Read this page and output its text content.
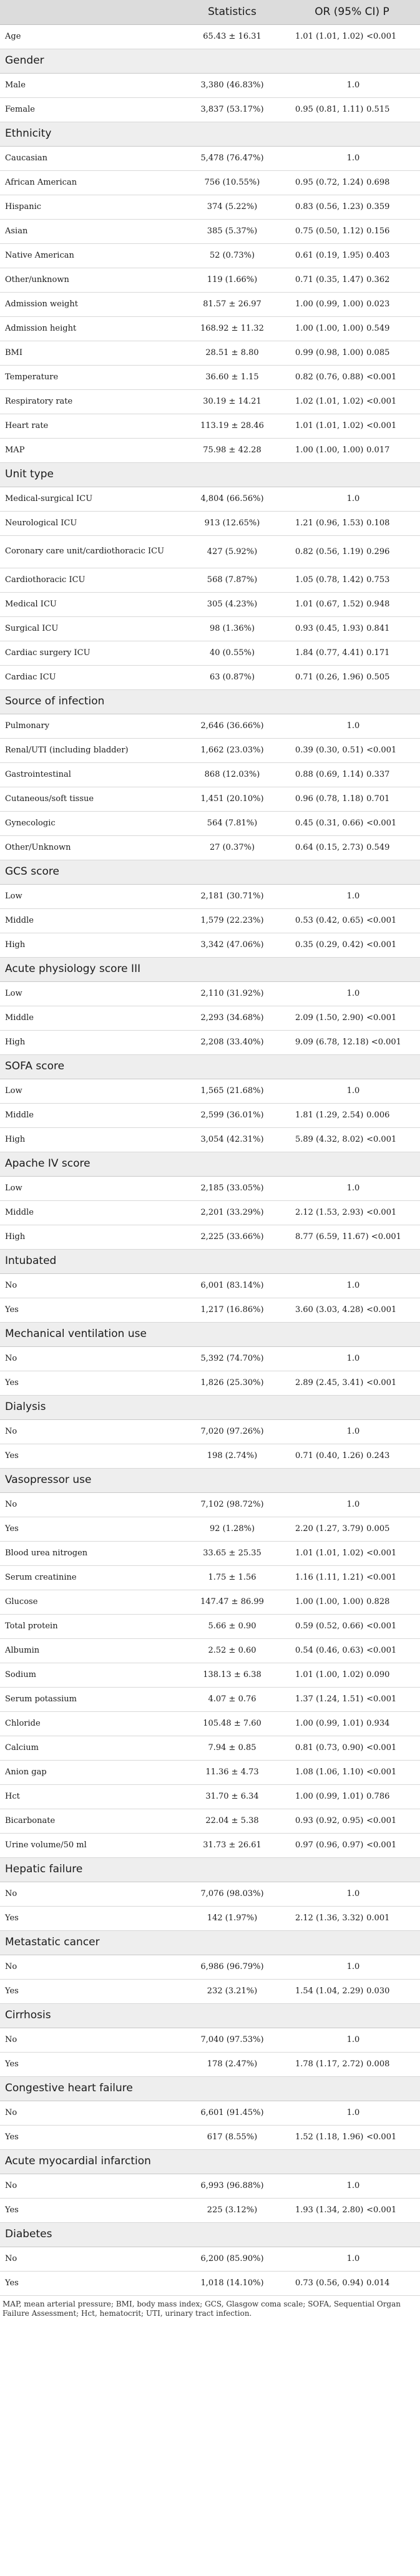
	Statistics	OR (95% CI) P
Age	65.43 ± 16.31	1.01 (1.01, 1.02) <0.001
Gender		
Male	3,380 (46.83%)	1.0
Female	3,837 (53.17%)	0.95 (0.81, 1.11) 0.515
Ethnicity		
Caucasian	5,478 (76.47%)	1.0
African American	756 (10.55%)	0.95 (0.72, 1.24) 0.698
Hispanic	374 (5.22%)	0.83 (0.56, 1.23) 0.359
Asian	385 (5.37%)	0.75 (0.50, 1.12) 0.156
Native American	52 (0.73%)	0.61 (0.19, 1.95) 0.403
Other/unknown	119 (1.66%)	0.71 (0.35, 1.47) 0.362
Admission weight	81.57 ± 26.97	1.00 (0.99, 1.00) 0.023
Admission height	168.92 ± 11.32	1.00 (1.00, 1.00) 0.549
BMI	28.51 ± 8.80	0.99 (0.98, 1.00) 0.085
Temperature	36.60 ± 1.15	0.82 (0.76, 0.88) <0.001
Respiratory rate	30.19 ± 14.21	1.02 (1.01, 1.02) <0.001
Heart rate	113.19 ± 28.46	1.01 (1.01, 1.02) <0.001
MAP	75.98 ± 42.28	1.00 (1.00, 1.00) 0.017
Unit type		
Medical-surgical ICU	4,804 (66.56%)	1.0
Neurological ICU	913 (12.65%)	1.21 (0.96, 1.53) 0.108
Coronary care unit/cardiothoracic ICU	427 (5.92%)	0.82 (0.56, 1.19) 0.296
Cardiothoracic ICU	568 (7.87%)	1.05 (0.78, 1.42) 0.753
Medical ICU	305 (4.23%)	1.01 (0.67, 1.52) 0.948
Surgical ICU	98 (1.36%)	0.93 (0.45, 1.93) 0.841
Cardiac surgery ICU	40 (0.55%)	1.84 (0.77, 4.41) 0.171
Cardiac ICU	63 (0.87%)	0.71 (0.26, 1.96) 0.505
Source of infection		
Pulmonary	2,646 (36.66%)	1.0
Renal/UTI (including bladder)	1,662 (23.03%)	0.39 (0.30, 0.51) <0.001
Gastrointestinal	868 (12.03%)	0.88 (0.69, 1.14) 0.337
Cutaneous/soft tissue	1,451 (20.10%)	0.96 (0.78, 1.18) 0.701
Gynecologic	564 (7.81%)	0.45 (0.31, 0.66) <0.001
Other/Unknown	27 (0.37%)	0.64 (0.15, 2.73) 0.549
GCS score		
Low	2,181 (30.71%)	1.0
Middle	1,579 (22.23%)	0.53 (0.42, 0.65) <0.001
High	3,342 (47.06%)	0.35 (0.29, 0.42) <0.001
Acute physiology score III		
Low	2,110 (31.92%)	1.0
Middle	2,293 (34.68%)	2.09 (1.50, 2.90) <0.001
High	2,208 (33.40%)	9.09 (6.78, 12.18) <0.001
SOFA score		
Low	1,565 (21.68%)	1.0
Middle	2,599 (36.01%)	1.81 (1.29, 2.54) 0.006
High	3,054 (42.31%)	5.89 (4.32, 8.02) <0.001
Apache IV score		
Low	2,185 (33.05%)	1.0
Middle	2,201 (33.29%)	2.12 (1.53, 2.93) <0.001
High	2,225 (33.66%)	8.77 (6.59, 11.67) <0.001
Intubated		
No	6,001 (83.14%)	1.0
Yes	1,217 (16.86%)	3.60 (3.03, 4.28) <0.001
Mechanical ventilation use		
No	5,392 (74.70%)	1.0
Yes	1,826 (25.30%)	2.89 (2.45, 3.41) <0.001
Dialysis		
No	7,020 (97.26%)	1.0
Yes	198 (2.74%)	0.71 (0.40, 1.26) 0.243
Vasopressor use		
No	7,102 (98.72%)	1.0
Yes	92 (1.28%)	2.20 (1.27, 3.79) 0.005
Blood urea nitrogen	33.65 ± 25.35	1.01 (1.01, 1.02) <0.001
Serum creatinine	1.75 ± 1.56	1.16 (1.11, 1.21) <0.001
Glucose	147.47 ± 86.99	1.00 (1.00, 1.00) 0.828
Total protein	5.66 ± 0.90	0.59 (0.52, 0.66) <0.001
Albumin	2.52 ± 0.60	0.54 (0.46, 0.63) <0.001
Sodium	138.13 ± 6.38	1.01 (1.00, 1.02) 0.090
Serum potassium	4.07 ± 0.76	1.37 (1.24, 1.51) <0.001
Chloride	105.48 ± 7.60	1.00 (0.99, 1.01) 0.934
Calcium	7.94 ± 0.85	0.81 (0.73, 0.90) <0.001
Anion gap	11.36 ± 4.73	1.08 (1.06, 1.10) <0.001
Hct	31.70 ± 6.34	1.00 (0.99, 1.01) 0.786
Bicarbonate	22.04 ± 5.38	0.93 (0.92, 0.95) <0.001
Urine volume/50 ml	31.73 ± 26.61	0.97 (0.96, 0.97) <0.001
Hepatic failure		
No	7,076 (98.03%)	1.0
Yes	142 (1.97%)	2.12 (1.36, 3.32) 0.001
Metastatic cancer		
No	6,986 (96.79%)	1.0
Yes	232 (3.21%)	1.54 (1.04, 2.29) 0.030
Cirrhosis		
No	7,040 (97.53%)	1.0
Yes	178 (2.47%)	1.78 (1.17, 2.72) 0.008
Congestive heart failure		
No	6,601 (91.45%)	1.0
Yes	617 (8.55%)	1.52 (1.18, 1.96) <0.001
Acute myocardial infarction		
No	6,993 (96.88%)	1.0
Yes	225 (3.12%)	1.93 (1.34, 2.80) <0.001
Diabetes		
No	6,200 (85.90%)	1.0
Yes	1,018 (14.10%)	0.73 (0.56, 0.94) 0.014
MAP, mean arterial pressure; BMI, body mass index; GCS, Glasgow coma scale; SOFA, Sequential Organ Failure Assessment; Hct, hematocrit; UTI, urinary tract infection.
